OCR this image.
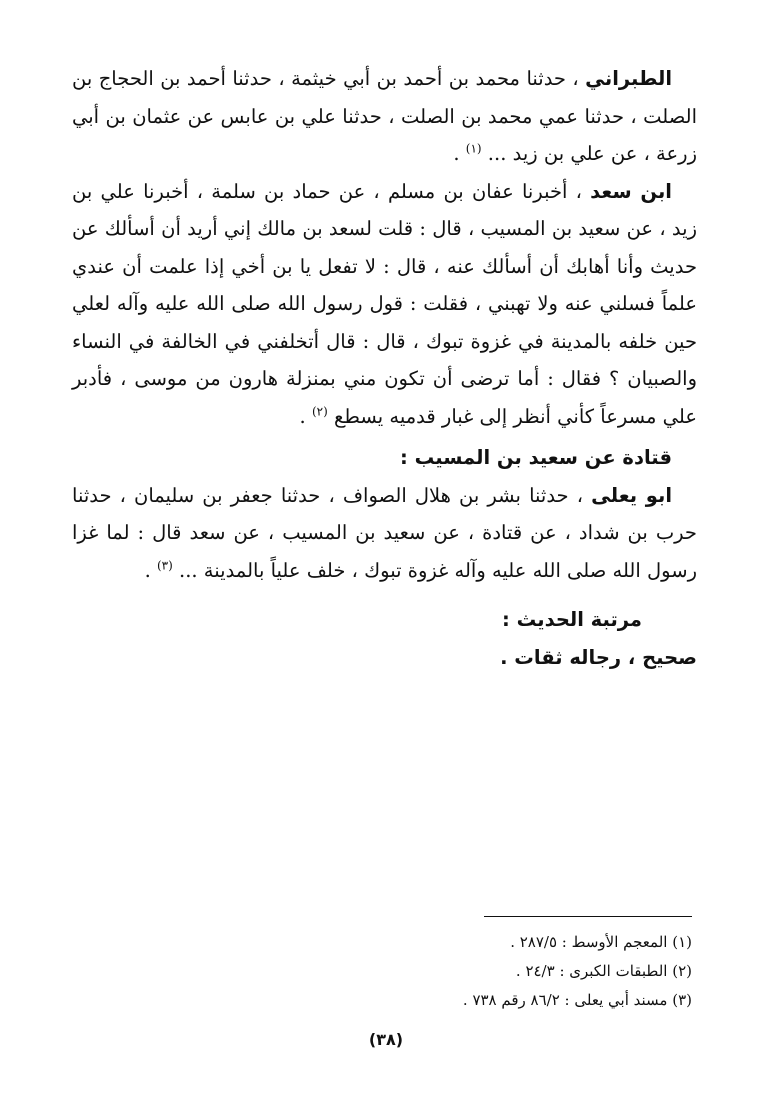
الطبراني ، حدثنا محمد بن أحمد بن أبي خيثمة ، حدثنا أحمد بن الحجاج بن الصلت ، حدثنا عمي محمد بن الصلت ، حدثنا علي بن عابس عن عثمان بن أبي زرعة ، عن علي بن زيد ... $^{(١)}$ .

ابن سعد ، أخبرنا عفان بن مسلم ، عن حماد بن سلمة ، أخبرنا علي بن زيد ، عن سعيد بن المسيب ، قال : قلت لسعد بن مالك إني أريد أن أسألك عن حديث وأنا أهابك أن أسألك عنه ، قال : لا تفعل يا بن أخي إذا علمت أن عندي علماً فسلني عنه ولا تهبني ، فقلت : قول رسول الله صلى الله عليه وآله لعلي حين خلفه بالمدينة في غزوة تبوك ، قال : قال أتخلفني في الخالفة في النساء والصبيان ؟ فقال : أما ترضى أن تكون مني بمنزلة هارون من موسى ، فأدبر علي مسرعاً كأني أنظر إلى غبار قدميه يسطع $^{(٢)}$ .

قتادة عن سعيد بن المسيب :

ابو يعلى ، حدثنا بشر بن هلال الصواف ، حدثنا جعفر بن سليمان ، حدثنا حرب بن شداد ، عن قتادة ، عن سعيد بن المسيب ، عن سعد قال : لما غزا رسول الله صلى الله عليه وآله غزوة تبوك ، خلف علياً بالمدينة ... $^{(٣)}$ .

مرتبة الحديث :

صحيح ، رجاله ثقات .

(١) المعجم الأوسط : ٢٨٧/٥ .
(٢) الطبقات الكبرى : ٢٤/٣ .
(٣) مسند أبي يعلى : ٨٦/٢ رقم ٧٣٨ .
(٣٨)
